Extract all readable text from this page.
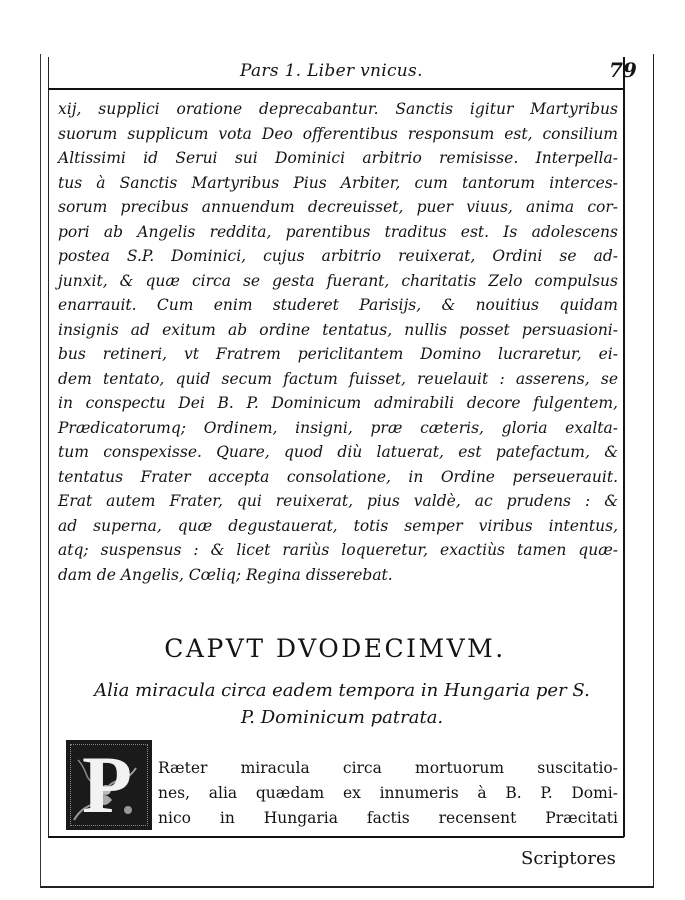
Pars 1. Liber vnicus.	79
xij, supplici oratione deprecabantur. Sanctis igitur Martyribus
suorum supplicum vota Deo offerentibus responsum est, consilium
Altissimi id Serui sui Dominici arbitrio remisisse. Interpella-
tus à Sanctis Martyribus Pius Arbiter, cum tantorum interces-
sorum precibus annuendum decreuisset, puer viuus, anima cor-
pori ab Angelis reddita, parentibus traditus est. Is adolescens
postea S.P. Dominici, cujus arbitrio reuixerat, Ordini se ad-
junxit, & quæ circa se gesta fuerant, charitatis Zelo compulsus
enarrauit. Cum enim studeret Parisijs, & nouitius quidam
insignis ad exitum ab ordine tentatus, nullis posset persuasioni-
bus retineri, vt Fratrem periclitantem Domino lucraretur, ei-
dem tentato, quid secum factum fuisset, reuelauit : asserens, se
in conspectu Dei B. P. Dominicum admirabili decore fulgentem,
Prædicatorumq; Ordinem, insigni, præ cæteris, gloria exalta-
tum conspexisse. Quare, quod diù latuerat, est patefactum, &
tentatus Frater accepta consolatione, in Ordine perseuerauit.
Erat autem Frater, qui reuixerat, pius valdè, ac prudens : &
ad superna, quæ degustauerat, totis semper viribus intentus,
atq; suspensus : & licet rariùs loqueretur, exactiùs tamen quæ-
dam de Angelis, Cœliq; Regina disserebat.
CAPVT DVODECIMVM.
Alia miracula circa eadem tempora in Hungaria per S.
P. Dominicum patrata.
P Ræter miracula circa mortuorum suscitatio-
nes, alia quædam ex innumeris à B. P. Domi-
nico in Hungaria factis recensent Præcitati
Scriptores
